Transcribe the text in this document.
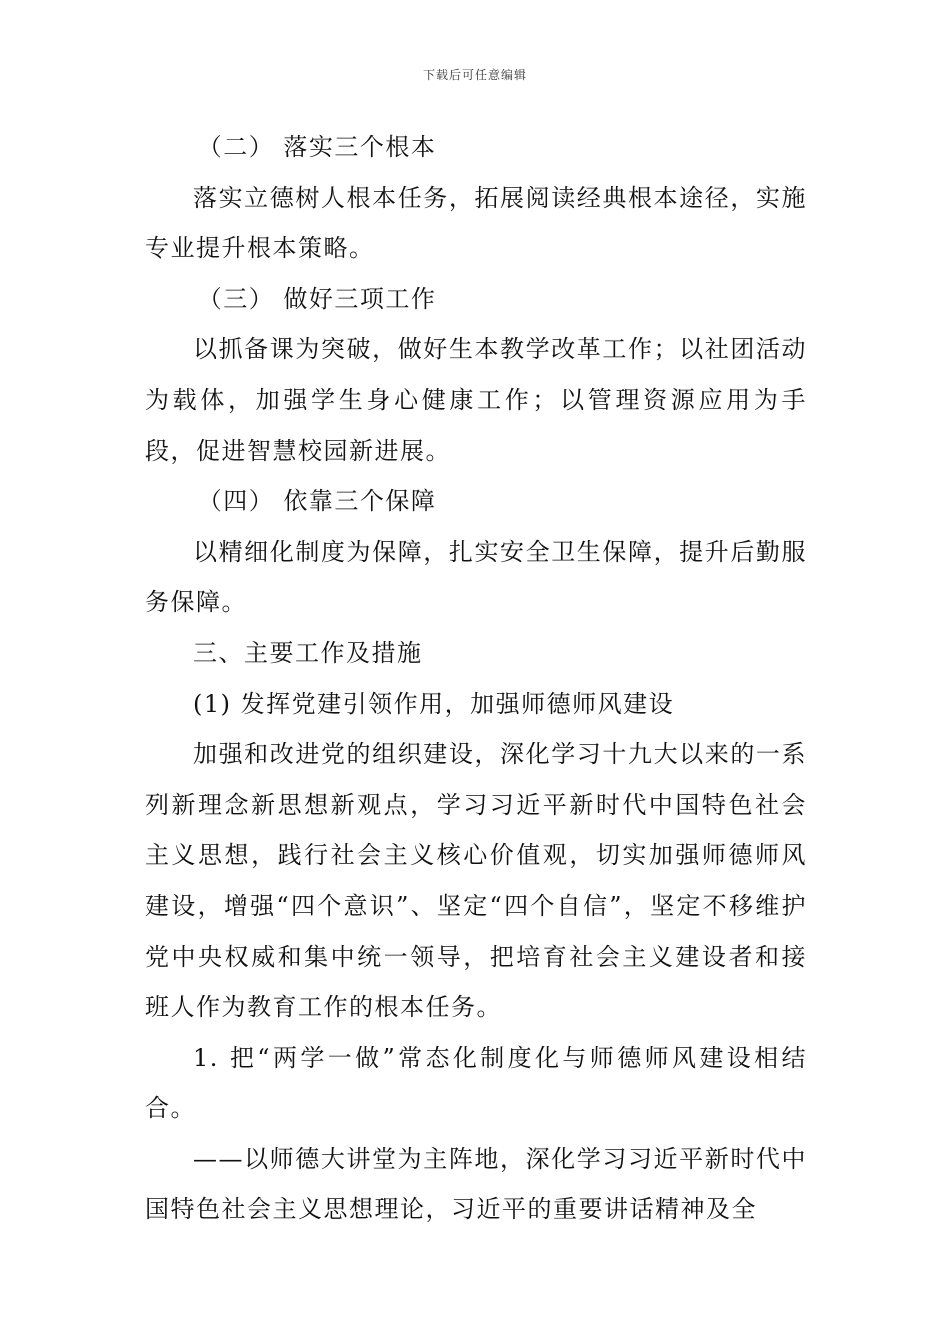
下载后可任意编辑

（二） 落实三个根本

落实立德树人根本任务，拓展阅读经典根本途径，实施专业提升根本策略。

（三） 做好三项工作

以抓备课为突破，做好生本教学改革工作；以社团活动为载体，加强学生身心健康工作；以管理资源应用为手段，促进智慧校园新进展。

（四） 依靠三个保障

以精细化制度为保障，扎实安全卫生保障，提升后勤服务保障。

三、主要工作及措施

(1) 发挥党建引领作用，加强师德师风建设

加强和改进党的组织建设，深化学习十九大以来的一系列新理念新思想新观点，学习习近平新时代中国特色社会主义思想，践行社会主义核心价值观，切实加强师德师风建设，增强“四个意识”、坚定“四个自信”，坚定不移维护党中央权威和集中统一领导，把培育社会主义建设者和接班人作为教育工作的根本任务。

1. 把“两学一做”常态化制度化与师德师风建设相结合。

——以师德大讲堂为主阵地，深化学习习近平新时代中国特色社会主义思想理论，习近平的重要讲话精神及全
